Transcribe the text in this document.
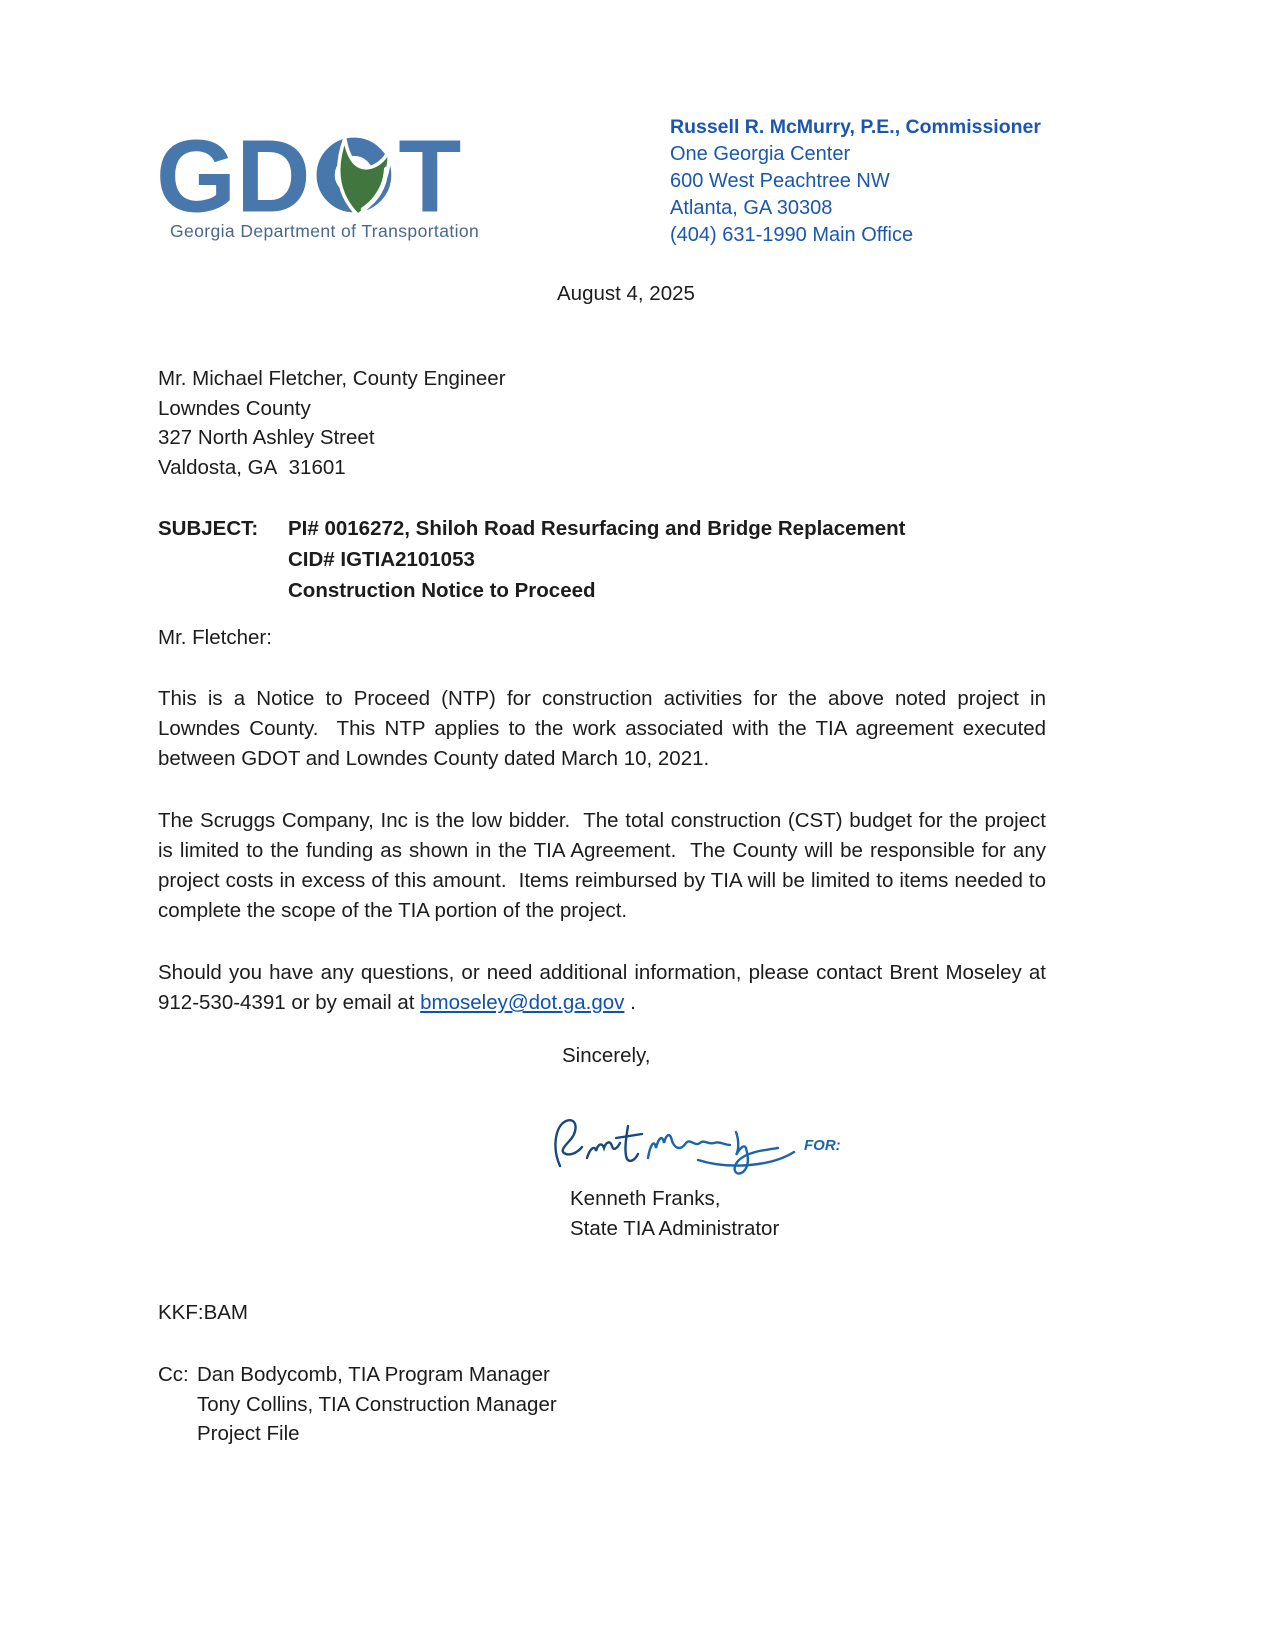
GD T
Georgia Department of Transportation
Russell R. McMurry, P.E., Commissioner
One Georgia Center
600 West Peachtree NW
Atlanta, GA 30308
(404) 631-1990 Main Office
August 4, 2025
Mr. Michael Fletcher, County Engineer
Lowndes County
327 North Ashley Street
Valdosta, GA  31601
SUBJECT: PI# 0016272, Shiloh Road Resurfacing and Bridge Replacement
CID# IGTIA2101053
Construction Notice to Proceed
Mr. Fletcher:
This is a Notice to Proceed (NTP) for construction activities for the above noted project in Lowndes County.  This NTP applies to the work associated with the TIA agreement executed between GDOT and Lowndes County dated March 10, 2021.
The Scruggs Company, Inc is the low bidder.  The total construction (CST) budget for the project is limited to the funding as shown in the TIA Agreement.  The County will be responsible for any project costs in excess of this amount.  Items reimbursed by TIA will be limited to items needed to complete the scope of the TIA portion of the project.
Should you have any questions, or need additional information, please contact Brent Moseley at 912-530-4391 or by email at bmoseley@dot.ga.gov .
Sincerely,
FOR:
Kenneth Franks,
State TIA Administrator
KKF:BAM
Cc: Dan Bodycomb, TIA Program Manager
Tony Collins, TIA Construction Manager
Project File
